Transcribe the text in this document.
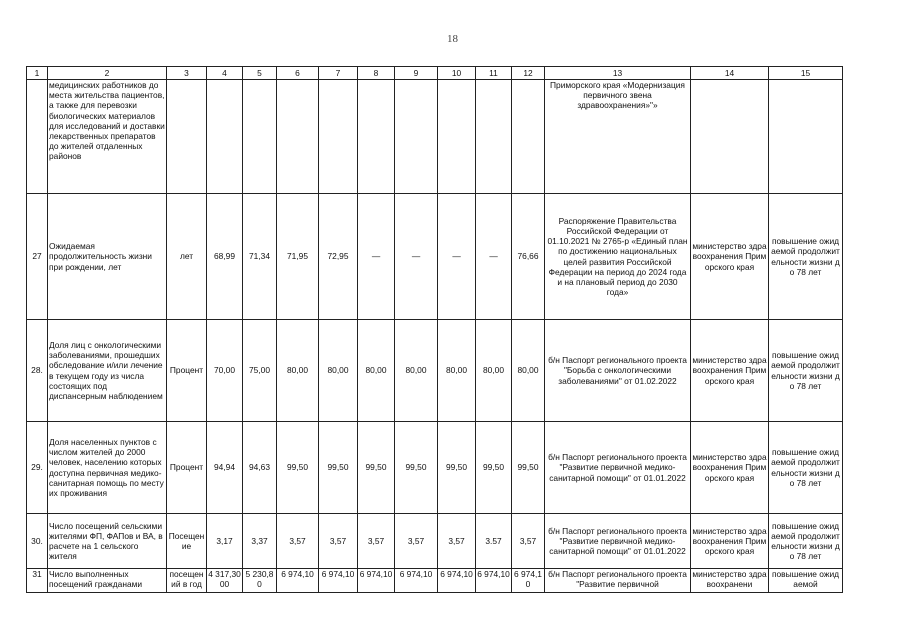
18
1	2	3	4	5	6	7	8	9	10	11	12	13	14	15
	медицинских работников до места жительства пациентов, а также для перевозки биологических материалов для исследований и доставки лекарственных препаратов до жителей отдаленных районов											Приморского края «Модернизация первичного звена здравоохранения»"»		
27	Ожидаемая продолжительность жизни при рождении, лет	лет	68,99	71,34	71,95	72,95	—	—	—	—	76,66	Распоряжение Правительства Российской Федерации от 01.10.2021 № 2765-р «Единый план по достижению национальных целей развития Российской Федерации на период до 2024 года и на плановый период до 2030 года»	министерство здравоохранения Приморского края	повышение ожидаемой продолжительности жизни до 78 лет
28.	Доля лиц с онкологическими заболеваниями, прошедших обследование и/или лечение в текущем году из числа состоящих под диспансерным наблюдением	Процент	70,00	75,00	80,00	80,00	80,00	80,00	80,00	80,00	80,00	б/н Паспорт регионального проекта "Борьба с онкологическими заболеваниями" от 01.02.2022	министерство здравоохранения Приморского края	повышение ожидаемой продолжительности жизни до 78 лет
29.	Доля населенных пунктов с числом жителей до 2000 человек, населению которых доступна первичная медико-санитарная помощь по месту их проживания	Процент	94,94	94,63	99,50	99,50	99,50	99,50	99,50	99,50	99,50	б/н Паспорт регионального проекта "Развитие первичной медико-санитарной помощи" от 01.01.2022	министерство здравоохранения Приморского края	повышение ожидаемой продолжительности жизни до 78 лет
30.	Число посещений сельскими жителями ФП, ФАПов и ВА, в расчете на 1 сельского жителя	Посещение	3,17	3,37	3,57	3,57	3,57	3,57	3,57	3.57	3,57	б/н Паспорт регионального проекта "Развитие первичной медико-санитарной помощи" от 01.01.2022	министерство здравоохранения Приморского края	повышение ожидаемой продолжительности жизни до 78 лет
31	Число выполненных посещений гражданами	посещений в год	4 317,3000	5 230,80	6 974,10	6 974,10	6 974,10	6 974,10	6 974,10	6 974,10	6 974,10	б/н Паспорт регионального проекта "Развитие первичной	министерство здравоохранени	повышение ожидаемой
